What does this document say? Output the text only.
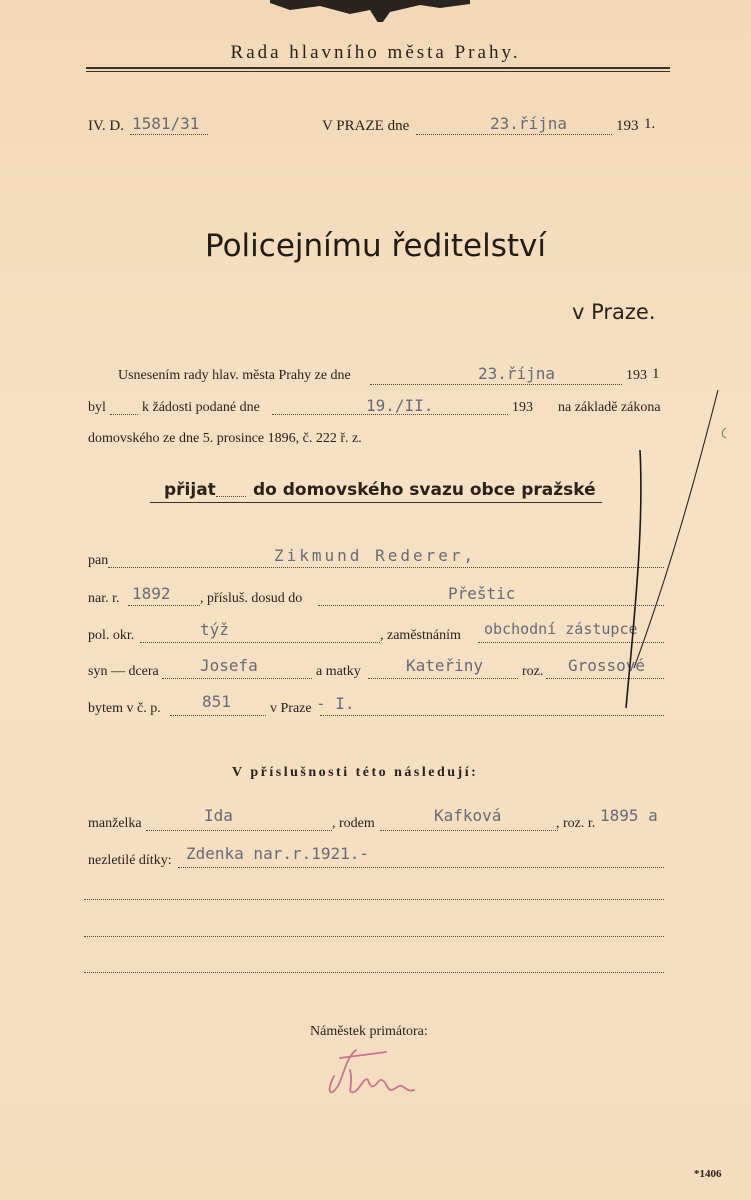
Rada hlavního města Prahy.
IV. D. 1581/31	V PRAZE dne	23.října	193 1.
Policejnímu ředitelství
v Praze.
Usnesením rady hlav. města Prahy ze dne	23.října	193 1
byl	k žádosti podané dne	19./II.	193 na základě zákona
domovského ze dne 5. prosince 1896, č. 222 ř. z.
přijat do domovského svazu obce pražské
pan	Zikmund Rederer,
nar. r. 1892 , přísluš. dosud do	Přeštic
pol. okr.	týž	, zaměstnáním obchodní zástupce
syn — dcera	Josefa	a matky	Kateřiny	roz. Grossové
bytem v č. p.	851	v Praze - I.
V příslušnosti této následují:
manželka	Ida	, rodem	Kafková	, roz. r. 1895 a
nezletilé dítky: Zdenka nar.r.1921.-
Náměstek primátora:
*1406
